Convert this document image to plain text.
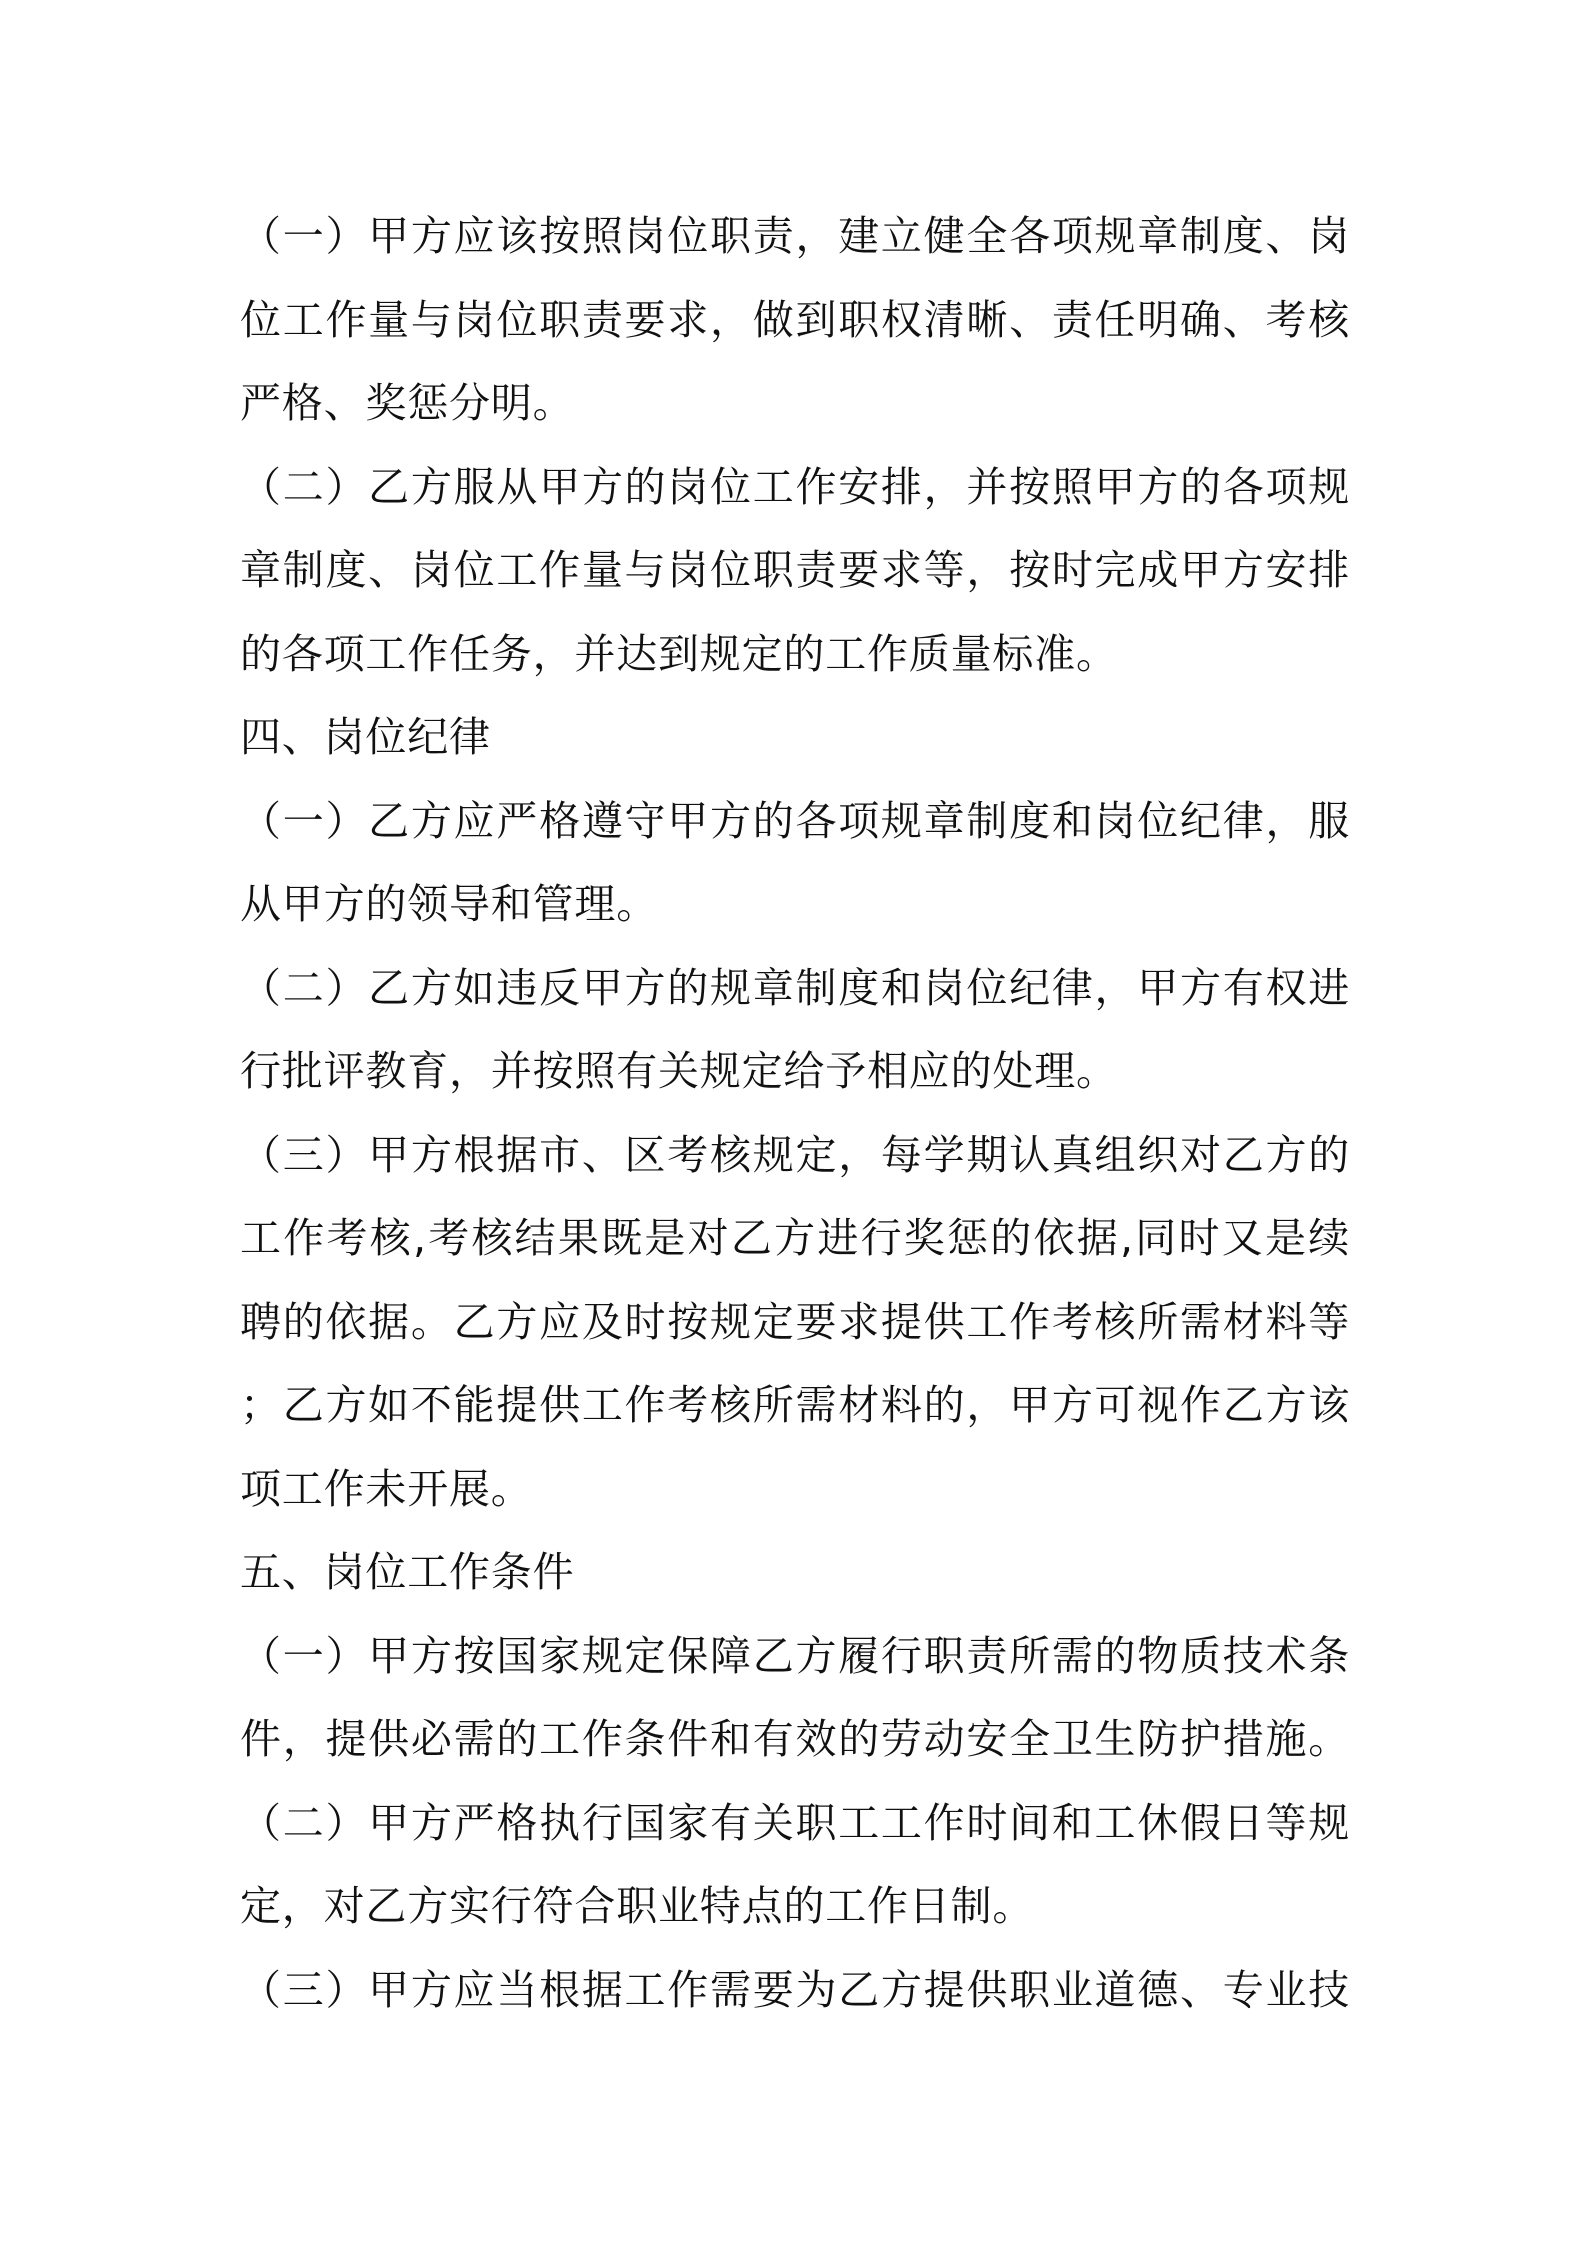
（一）甲方应该按照岗位职责，建立健全各项规章制度、岗
位工作量与岗位职责要求，做到职权清晰、责任明确、考核
严格、奖惩分明。
（二）乙方服从甲方的岗位工作安排，并按照甲方的各项规
章制度、岗位工作量与岗位职责要求等，按时完成甲方安排
的各项工作任务，并达到规定的工作质量标准。
四、岗位纪律
（一）乙方应严格遵守甲方的各项规章制度和岗位纪律，服
从甲方的领导和管理。
（二）乙方如违反甲方的规章制度和岗位纪律，甲方有权进
行批评教育，并按照有关规定给予相应的处理。
（三）甲方根据市、区考核规定，每学期认真组织对乙方的
工作考核,考核结果既是对乙方进行奖惩的依据,同时又是续
聘的依据。乙方应及时按规定要求提供工作考核所需材料等
；乙方如不能提供工作考核所需材料的，甲方可视作乙方该
项工作未开展。
五、岗位工作条件
（一）甲方按国家规定保障乙方履行职责所需的物质技术条
件，提供必需的工作条件和有效的劳动安全卫生防护措施。
（二）甲方严格执行国家有关职工工作时间和工休假日等规
定，对乙方实行符合职业特点的工作日制。
（三）甲方应当根据工作需要为乙方提供职业道德、专业技
